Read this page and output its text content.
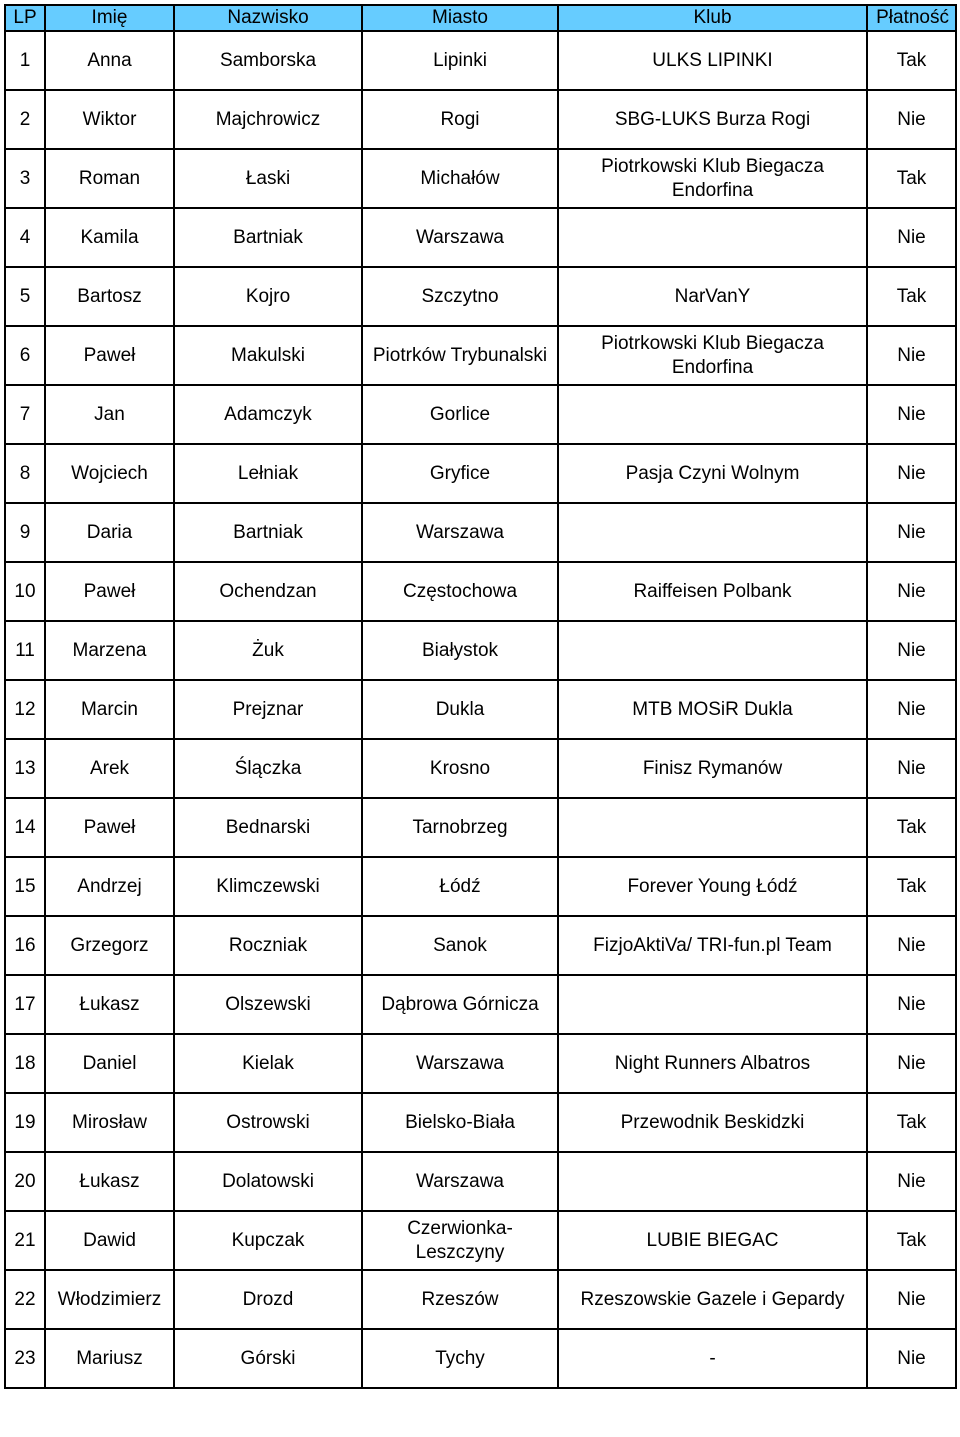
LP	Imię	Nazwisko	Miasto	Klub	Płatność
1	Anna	Samborska	Lipinki	ULKS LIPINKI	Tak
2	Wiktor	Majchrowicz	Rogi	SBG-LUKS Burza Rogi	Nie
3	Roman	Łaski	Michałów	Piotrkowski Klub Biegacza Endorfina	Tak
4	Kamila	Bartniak	Warszawa		Nie
5	Bartosz	Kojro	Szczytno	NarVanY	Tak
6	Paweł	Makulski	Piotrków Trybunalski	Piotrkowski Klub Biegacza Endorfina	Nie
7	Jan	Adamczyk	Gorlice		Nie
8	Wojciech	Lełniak	Gryfice	Pasja Czyni Wolnym	Nie
9	Daria	Bartniak	Warszawa		Nie
10	Paweł	Ochendzan	Częstochowa	Raiffeisen Polbank	Nie
11	Marzena	Żuk	Białystok		Nie
12	Marcin	Prejznar	Dukla	MTB MOSiR Dukla	Nie
13	Arek	Ślączka	Krosno	Finisz Rymanów	Nie
14	Paweł	Bednarski	Tarnobrzeg		Tak
15	Andrzej	Klimczewski	Łódź	Forever Young Łódź	Tak
16	Grzegorz	Roczniak	Sanok	FizjoAktiVa/ TRI-fun.pl Team	Nie
17	Łukasz	Olszewski	Dąbrowa Górnicza		Nie
18	Daniel	Kielak	Warszawa	Night Runners Albatros	Nie
19	Mirosław	Ostrowski	Bielsko-Biała	Przewodnik Beskidzki	Tak
20	Łukasz	Dolatowski	Warszawa		Nie
21	Dawid	Kupczak	Czerwionka-Leszczyny	LUBIE BIEGAC	Tak
22	Włodzimierz	Drozd	Rzeszów	Rzeszowskie Gazele i Gepardy	Nie
23	Mariusz	Górski	Tychy	-	Nie
